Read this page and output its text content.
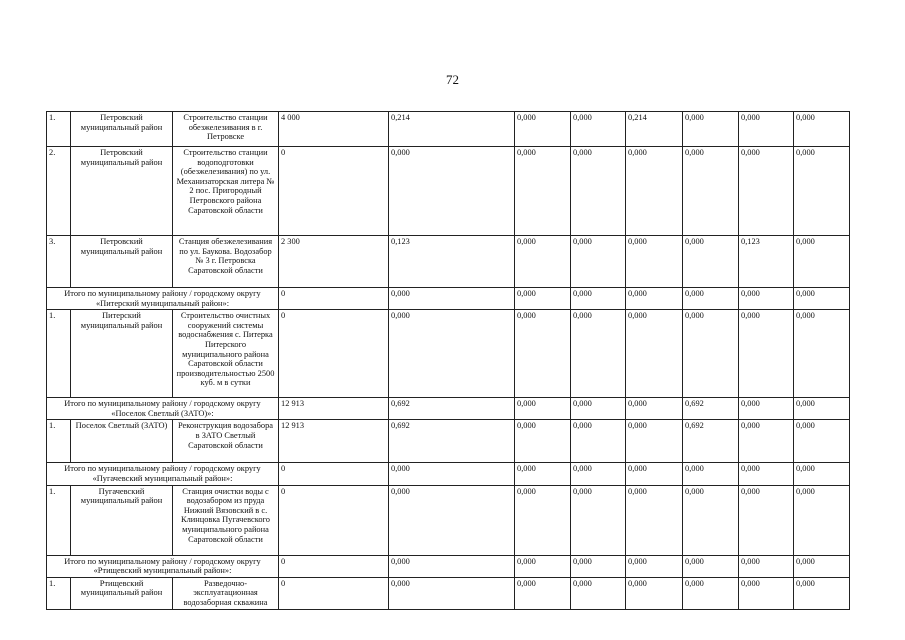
72
1.	Петровский муниципальный район	Строительство станции обезжелезивания в г. Петровске	4 000	0,214	0,000	0,000	0,214	0,000	0,000	0,000
2.	Петровский муниципальный район	Строительство станции водоподготовки (обезжелезивания) по ул. Механизаторская литера № 2 пос. Пригородный Петровского района Саратовской области	0	0,000	0,000	0,000	0,000	0,000	0,000	0,000
3.	Петровский муниципальный район	Станция обезжелезивания по ул. Баукова. Водозабор № 3 г. Петровска Саратовской области	2 300	0,123	0,000	0,000	0,000	0,000	0,123	0,000
Итого по муниципальному району / городскому округу «Питерский муниципальный район»:			0	0,000	0,000	0,000	0,000	0,000	0,000	0,000
1.	Питерский муниципальный район	Строительство очистных сооружений системы водоснабжения с. Питерка Питерского муниципального района Саратовской области производительностью 2500 куб. м в сутки	0	0,000	0,000	0,000	0,000	0,000	0,000	0,000
Итого по муниципальному району / городскому округу «Поселок Светлый (ЗАТО)»:			12 913	0,692	0,000	0,000	0,000	0,692	0,000	0,000
1.	Поселок Светлый (ЗАТО)	Реконструкция водозабора в ЗАТО Светлый Саратовской области	12 913	0,692	0,000	0,000	0,000	0,692	0,000	0,000
Итого по муниципальному району / городскому округу «Пугачевский муниципальный район»:			0	0,000	0,000	0,000	0,000	0,000	0,000	0,000
1.	Пугачевский муниципальный район	Станция очистки воды с водозабором из пруда Нижний Вязовский в с. Клинцовка Пугачевского муниципального района Саратовской области	0	0,000	0,000	0,000	0,000	0,000	0,000	0,000
Итого по муниципальному району / городскому округу «Ртищевский муниципальный район»:			0	0,000	0,000	0,000	0,000	0,000	0,000	0,000
1.	Ртищевский муниципальный район	Разведочно-эксплуатационная водозаборная скважина	0	0,000	0,000	0,000	0,000	0,000	0,000	0,000
